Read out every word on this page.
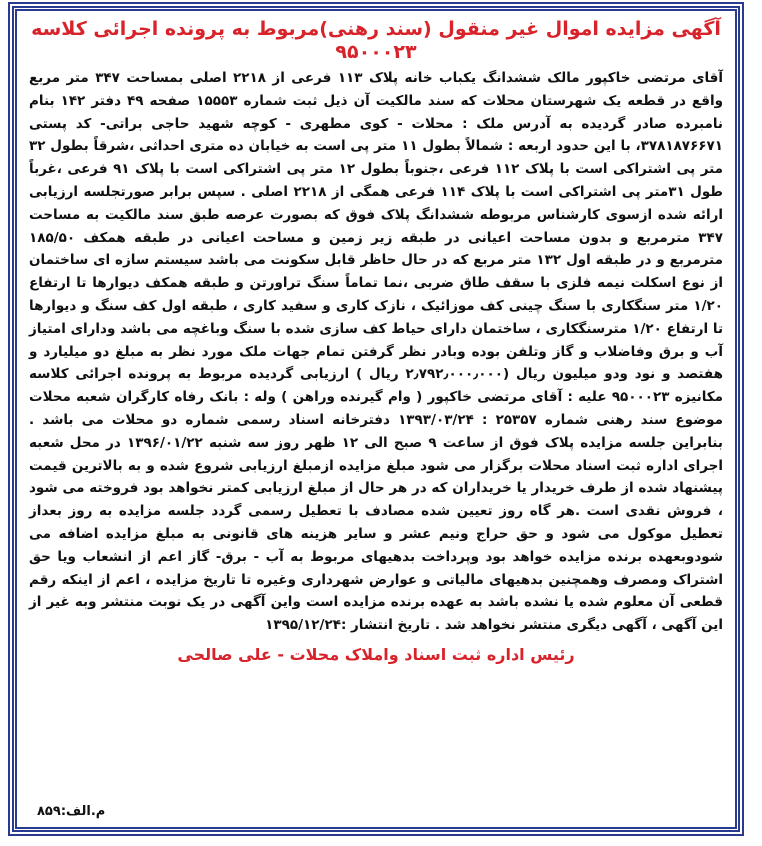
آگهی مزایده اموال غیر منقول (سند رهنی)مربوط به پرونده اجرائی کلاسه
۹۵۰۰۰۲۳
آقای مرتضی خاکپور مالک ششدانگ یکباب خانه پلاک ۱۱۳ فرعی از ۲۲۱۸ اصلی بمساحت ۳۴۷ متر مربع واقع در قطعه یک شهرستان محلات که سند مالکیت آن ذیل ثبت شماره ۱۵۵۵۳ صفحه ۴۹ دفتر ۱۴۲ بنام نامبرده صادر گردیده به آدرس ملک : محلات - کوی مطهری - کوچه شهید حاجی براتی- کد پستی ۳۷۸۱۸۷۶۶۷۱، با این حدود اربعه : شمالاً بطول ۱۱ متر پی است به خیابان ده متری احداثی ،شرقاً بطول ۳۲ متر پی اشتراکی است با پلاک ۱۱۲ فرعی ،جنوباً بطول ۱۲ متر پی اشتراکی است با پلاک ۹۱ فرعی ،غرباً طول ۳۱متر پی اشتراکی است با پلاک ۱۱۴ فرعی همگی از ۲۲۱۸ اصلی . سپس برابر صورتجلسه ارزیابی ارائه شده ازسوی کارشناس مربوطه ششدانگ پلاک فوق که بصورت عرصه طبق سند مالکیت به مساحت ۳۴۷ مترمربع و بدون مساحت اعیانی در طبقه زیر زمین و مساحت اعیانی در طبقه همکف ۱۸۵/۵۰ مترمربع و در طبقه اول ۱۳۲ متر مربع که در حال حاظر قابل سکونت می باشد سیستم سازه ای ساختمان از نوع اسکلت نیمه فلزی با سقف طاق ضربی ،نما تماماً سنگ تراورتن و طبقه همکف دیوارها تا ارتفاع ۱/۲۰ متر سنگکاری با سنگ چینی کف موزائیک ، نازک کاری و سفید کاری ، طبقه اول کف سنگ و دیوارها تا ارتفاع ۱/۲۰ مترسنگکاری ، ساختمان دارای حیاط کف سازی شده با سنگ وباغچه می باشد ودارای امتیاز آب و برق وفاضلاب و گاز وتلفن بوده وبادر نظر گرفتن تمام جهات ملک مورد نظر به مبلغ دو میلیارد و هفتصد و نود ودو میلیون ریال (۲٫۷۹۲٫۰۰۰٫۰۰۰ ریال ) ارزیابی گردیده مربوط به پرونده اجرائی کلاسه مکانیزه ۹۵۰۰۰۲۳ علیه : آقای مرتضی خاکپور ( وام گیرنده وراهن ) وله : بانک رفاه کارگران شعبه محلات موضوع سند رهنی شماره ۲۵۳۵۷ : ۱۳۹۳/۰۳/۲۴ دفترخانه اسناد رسمی شماره دو محلات می باشد . بنابراین جلسه مزایده پلاک فوق از ساعت ۹ صبح الی ۱۲ ظهر روز سه شنبه ۱۳۹۶/۰۱/۲۲ در محل شعبه اجرای اداره ثبت اسناد محلات برگزار می شود مبلغ مزایده ازمبلغ ارزیابی شروع شده و به بالاترین قیمت پیشنهاد شده از طرف خریدار یا خریداران که در هر حال از مبلغ ارزیابی کمتر نخواهد بود فروخته می شود ، فروش نقدی است .هر گاه روز تعیین شده مصادف با تعطیل رسمی گردد جلسه مزایده به روز بعداز تعطیل موکول می شود و حق حراج ونیم عشر و سایر هزینه های قانونی به مبلغ مزایده اضافه می شودوبعهده برنده مزایده خواهد بود وپرداخت بدهیهای مربوط به آب - برق- گاز اعم از انشعاب ویا حق اشتراک ومصرف وهمچنین بدهیهای مالیاتی و عوارض شهرداری وغیره تا تاریخ مزایده ، اعم از اینکه رقم قطعی آن معلوم شده یا نشده باشد به عهده برنده مزایده است واین آگهی در یک نوبت منتشر وبه غیر از این آگهی ، آگهی دیگری منتشر نخواهد شد . تاریخ انتشار :۱۳۹۵/۱۲/۲۴
رئیس اداره ثبت اسناد واملاک محلات - علی صالحی
م.الف:۸۵۹
